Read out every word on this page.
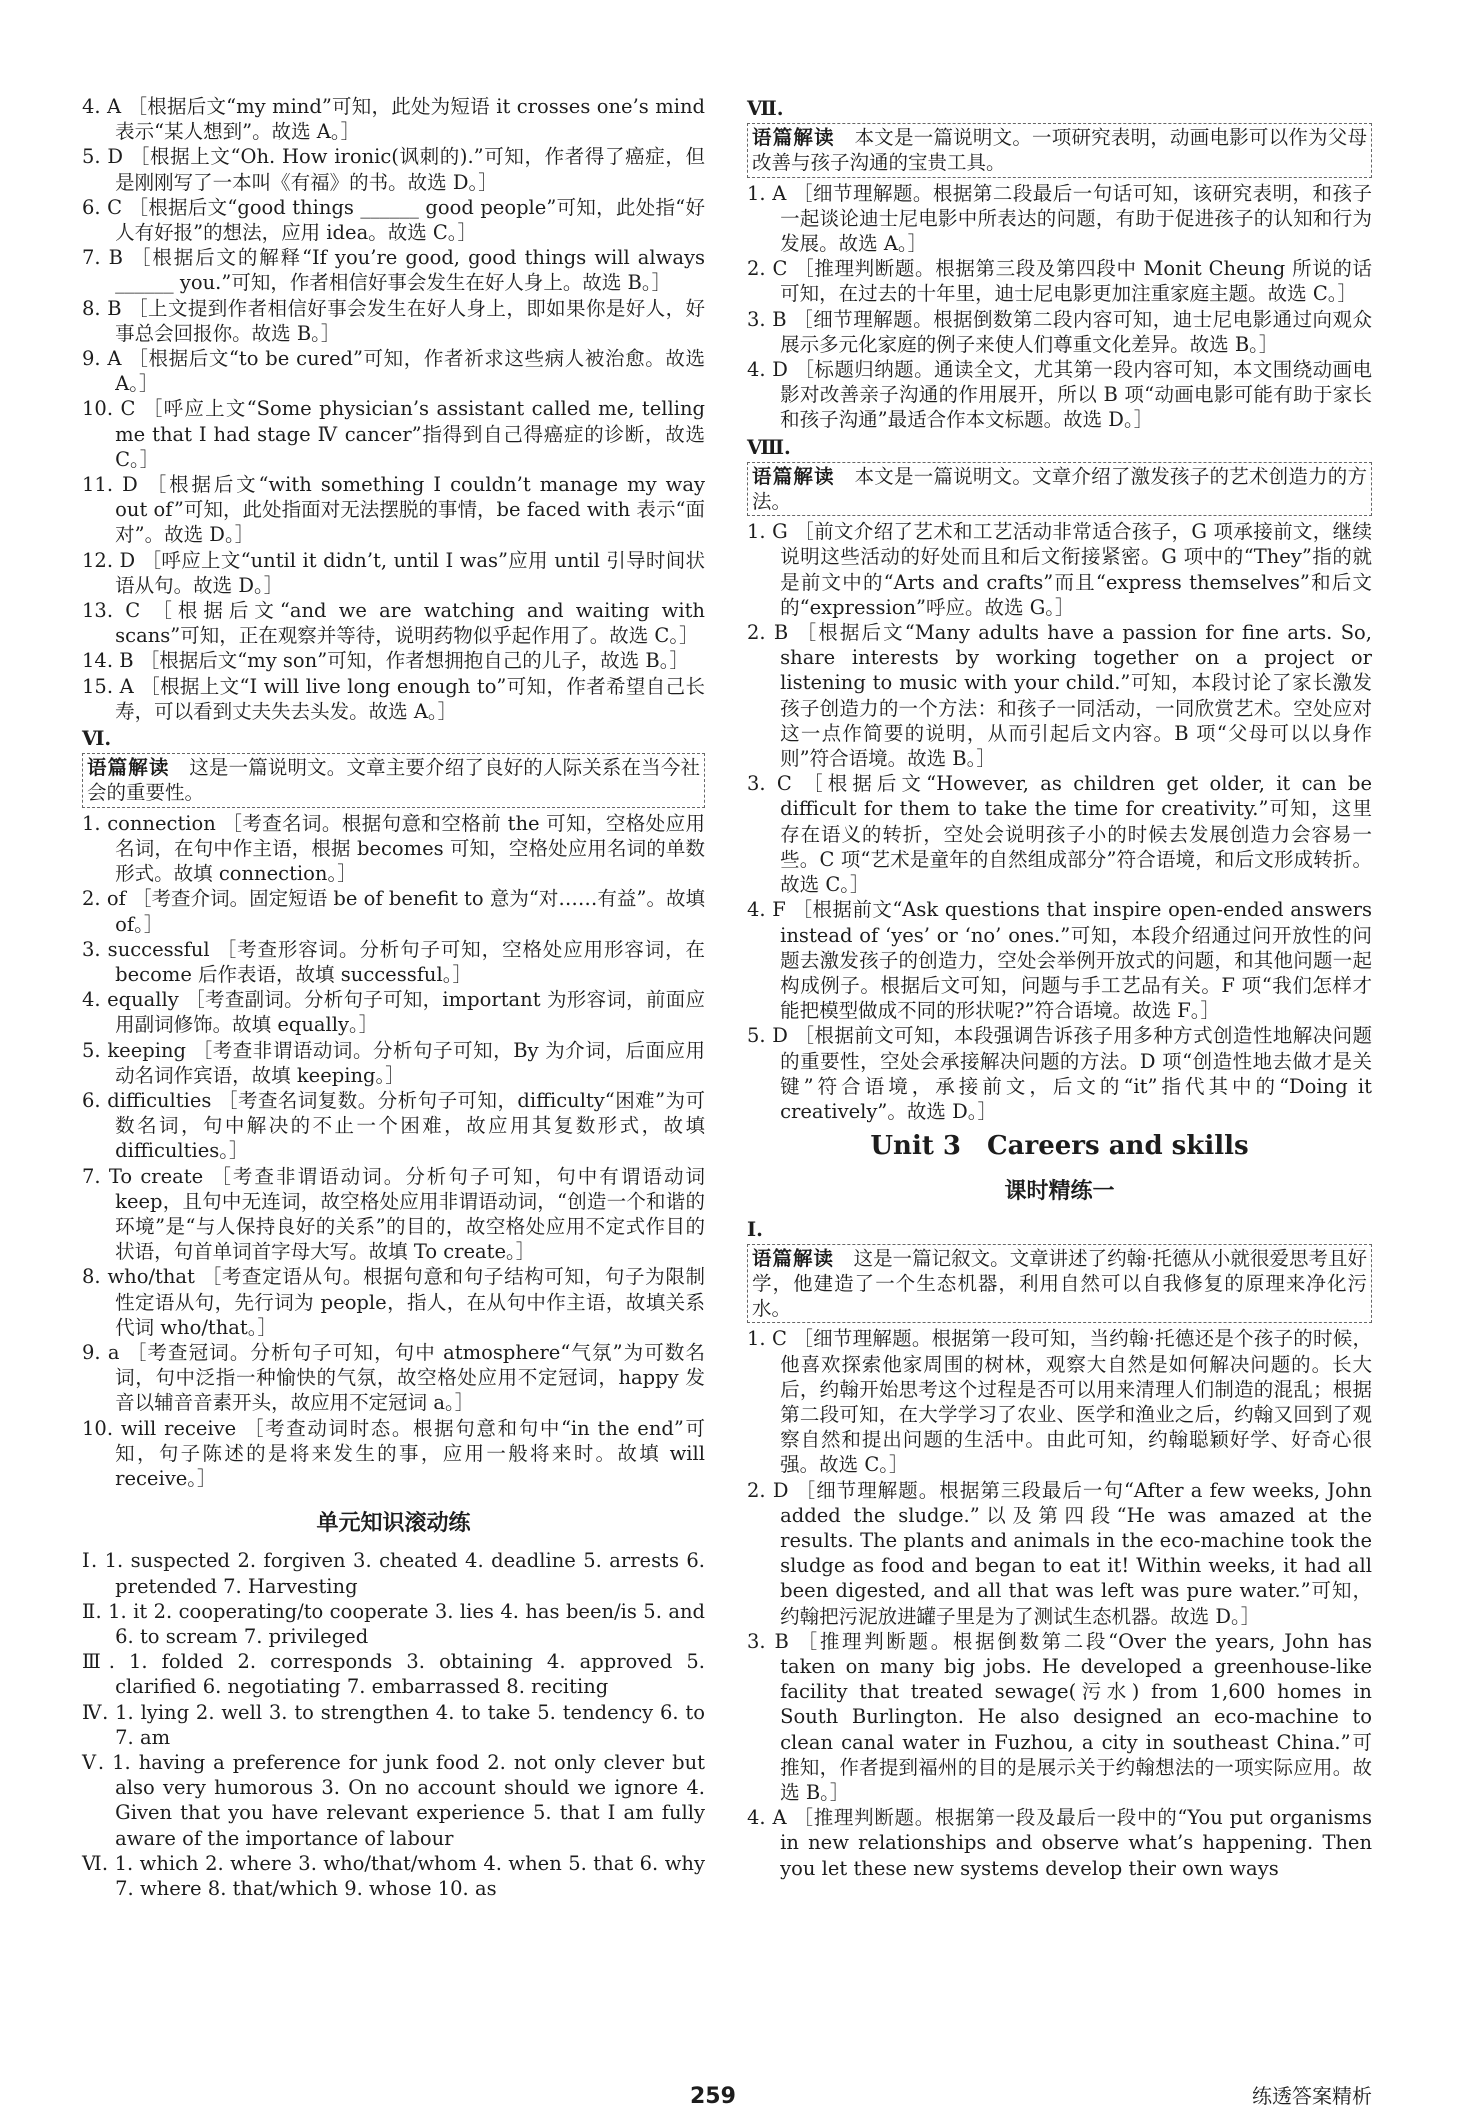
4. A ［根据后文“my mind”可知，此处为短语 it crosses one’s mind 表示“某人想到”。故选 A。］
5. D ［根据上文“Oh. How ironic(讽刺的).”可知，作者得了癌症，但是刚刚写了一本叫《有福》的书。故选 D。］
6. C ［根据后文“good things ______ good people”可知，此处指“好人有好报”的想法，应用 idea。故选 C。］
7. B ［根据后文的解释“If you’re good, good things will always ______ you.”可知，作者相信好事会发生在好人身上。故选 B。］
8. B ［上文提到作者相信好事会发生在好人身上，即如果你是好人，好事总会回报你。故选 B。］
9. A ［根据后文“to be cured”可知，作者祈求这些病人被治愈。故选 A。］
10. C ［呼应上文“Some physician’s assistant called me, telling me that I had stage Ⅳ cancer”指得到自己得癌症的诊断，故选 C。］
11. D ［根据后文“with something I couldn’t manage my way out of”可知，此处指面对无法摆脱的事情，be faced with 表示“面对”。故选 D。］
12. D ［呼应上文“until it didn’t, until I was”应用 until 引导时间状语从句。故选 D。］
13. C ［根据后文“and we are watching and waiting with scans”可知，正在观察并等待，说明药物似乎起作用了。故选 C。］
14. B ［根据后文“my son”可知，作者想拥抱自己的儿子，故选 B。］
15. A ［根据上文“I will live long enough to”可知，作者希望自己长寿，可以看到丈夫失去头发。故选 A。］
Ⅵ.
语篇解读　这是一篇说明文。文章主要介绍了良好的人际关系在当今社会的重要性。
1. connection ［考查名词。根据句意和空格前 the 可知，空格处应用名词，在句中作主语，根据 becomes 可知，空格处应用名词的单数形式。故填 connection。］
2. of ［考查介词。固定短语 be of benefit to 意为“对……有益”。故填 of。］
3. successful ［考查形容词。分析句子可知，空格处应用形容词，在 become 后作表语，故填 successful。］
4. equally ［考查副词。分析句子可知，important 为形容词，前面应用副词修饰。故填 equally。］
5. keeping ［考查非谓语动词。分析句子可知，By 为介词，后面应用动名词作宾语，故填 keeping。］
6. difficulties ［考查名词复数。分析句子可知，difficulty“困难”为可数名词，句中解决的不止一个困难，故应用其复数形式，故填 difficulties。］
7. To create ［考查非谓语动词。分析句子可知，句中有谓语动词 keep，且句中无连词，故空格处应用非谓语动词，“创造一个和谐的环境”是“与人保持良好的关系”的目的，故空格处应用不定式作目的状语，句首单词首字母大写。故填 To create。］
8. who/that ［考查定语从句。根据句意和句子结构可知，句子为限制性定语从句，先行词为 people，指人，在从句中作主语，故填关系代词 who/that。］
9. a ［考查冠词。分析句子可知，句中 atmosphere“气氛”为可数名词，句中泛指一种愉快的气氛，故空格处应用不定冠词，happy 发音以辅音音素开头，故应用不定冠词 a。］
10. will receive ［考查动词时态。根据句意和句中“in the end”可知，句子陈述的是将来发生的事，应用一般将来时。故填 will receive。］
单元知识滚动练
Ⅰ. 1. suspected 2. forgiven 3. cheated 4. deadline 5. arrests 6. pretended 7. Harvesting
Ⅱ. 1. it 2. cooperating/to cooperate 3. lies 4. has been/is 5. and 6. to scream 7. privileged
Ⅲ. 1. folded 2. corresponds 3. obtaining 4. approved 5. clarified 6. negotiating 7. embarrassed 8. reciting
Ⅳ. 1. lying 2. well 3. to strengthen 4. to take 5. tendency 6. to 7. am
Ⅴ. 1. having a preference for junk food 2. not only clever but also very humorous 3. On no account should we ignore 4. Given that you have relevant experience 5. that I am fully aware of the importance of labour
Ⅵ. 1. which 2. where 3. who/that/whom 4. when 5. that 6. why 7. where 8. that/which 9. whose 10. as
Ⅶ.
语篇解读　本文是一篇说明文。一项研究表明，动画电影可以作为父母改善与孩子沟通的宝贵工具。
1. A ［细节理解题。根据第二段最后一句话可知，该研究表明，和孩子一起谈论迪士尼电影中所表达的问题，有助于促进孩子的认知和行为发展。故选 A。］
2. C ［推理判断题。根据第三段及第四段中 Monit Cheung 所说的话可知，在过去的十年里，迪士尼电影更加注重家庭主题。故选 C。］
3. B ［细节理解题。根据倒数第二段内容可知，迪士尼电影通过向观众展示多元化家庭的例子来使人们尊重文化差异。故选 B。］
4. D ［标题归纳题。通读全文，尤其第一段内容可知，本文围绕动画电影对改善亲子沟通的作用展开，所以 B 项“动画电影可能有助于家长和孩子沟通”最适合作本文标题。故选 D。］
Ⅷ.
语篇解读　本文是一篇说明文。文章介绍了激发孩子的艺术创造力的方法。
1. G ［前文介绍了艺术和工艺活动非常适合孩子，G 项承接前文，继续说明这些活动的好处而且和后文衔接紧密。G 项中的“They”指的就是前文中的“Arts and crafts”而且“express themselves”和后文的“expression”呼应。故选 G。］
2. B ［根据后文“Many adults have a passion for fine arts. So, share interests by working together on a project or listening to music with your child.”可知，本段讨论了家长激发孩子创造力的一个方法：和孩子一同活动，一同欣赏艺术。空处应对这一点作简要的说明，从而引起后文内容。B 项“父母可以以身作则”符合语境。故选 B。］
3. C ［根据后文“However, as children get older, it can be difficult for them to take the time for creativity.”可知，这里存在语义的转折，空处会说明孩子小的时候去发展创造力会容易一些。C 项“艺术是童年的自然组成部分”符合语境，和后文形成转折。故选 C。］
4. F ［根据前文“Ask questions that inspire open-ended answers instead of ‘yes’ or ‘no’ ones.”可知，本段介绍通过问开放性的问题去激发孩子的创造力，空处会举例开放式的问题，和其他问题一起构成例子。根据后文可知，问题与手工艺品有关。F 项“我们怎样才能把模型做成不同的形状呢?”符合语境。故选 F。］
5. D ［根据前文可知，本段强调告诉孩子用多种方式创造性地解决问题的重要性，空处会承接解决问题的方法。D 项“创造性地去做才是关键”符合语境，承接前文，后文的“it”指代其中的“Doing it creatively”。故选 D。］
Unit 3　Careers and skills
课时精练一
Ⅰ.
语篇解读　这是一篇记叙文。文章讲述了约翰·托德从小就很爱思考且好学，他建造了一个生态机器，利用自然可以自我修复的原理来净化污水。
1. C ［细节理解题。根据第一段可知，当约翰·托德还是个孩子的时候，他喜欢探索他家周围的树林，观察大自然是如何解决问题的。长大后，约翰开始思考这个过程是否可以用来清理人们制造的混乱；根据第二段可知，在大学学习了农业、医学和渔业之后，约翰又回到了观察自然和提出问题的生活中。由此可知，约翰聪颖好学、好奇心很强。故选 C。］
2. D ［细节理解题。根据第三段最后一句“After a few weeks, John added the sludge.”以及第四段“He was amazed at the results. The plants and animals in the eco-machine took the sludge as food and began to eat it! Within weeks, it had all been digested, and all that was left was pure water.”可知，约翰把污泥放进罐子里是为了测试生态机器。故选 D。］
3. B ［推理判断题。根据倒数第二段“Over the years, John has taken on many big jobs. He developed a greenhouse-like facility that treated sewage(污水) from 1,600 homes in South Burlington. He also designed an eco-machine to clean canal water in Fuzhou, a city in southeast China.”可推知，作者提到福州的目的是展示关于约翰想法的一项实际应用。故选 B。］
4. A ［推理判断题。根据第一段及最后一段中的“You put organisms in new relationships and observe what’s happening. Then you let these new systems develop their own ways
259	练透答案精析
